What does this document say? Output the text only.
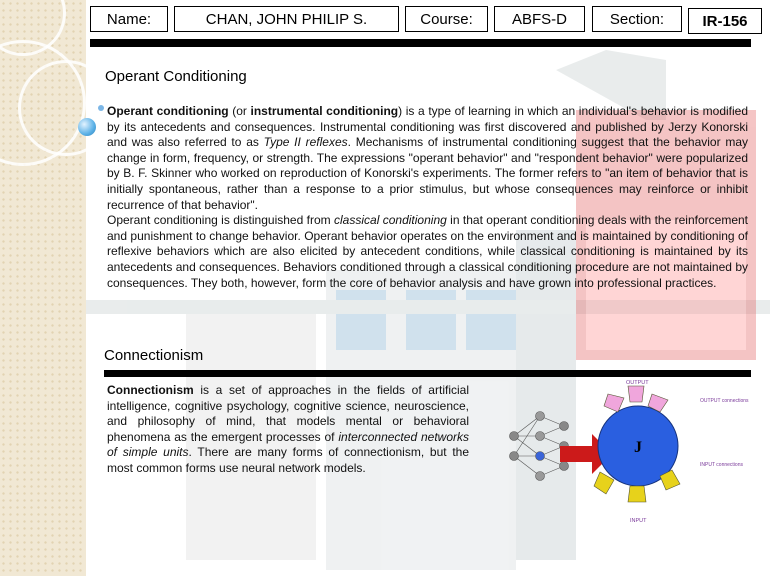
Name:	CHAN, JOHN PHILIP S.	Course:	ABFS-D	Section:	IR-156
Operant Conditioning

Operant conditioning (or instrumental conditioning) is a type of learning in which an individual's behavior is modified by its antecedents and consequences. Instrumental conditioning was first discovered and published by Jerzy Konorski and was also referred to as Type II reflexes. Mechanisms of instrumental conditioning suggest that the behavior may change in form, frequency, or strength. The expressions "operant behavior" and "respondent behavior" were popularized by B. F. Skinner who worked on reproduction of Konorski's experiments. The former refers to "an item of behavior that is initially spontaneous, rather than a response to a prior stimulus, but whose consequences may reinforce or inhibit recurrence of that behavior".

Operant conditioning is distinguished from classical conditioning in that operant conditioning deals with the reinforcement and punishment to change behavior. Operant behavior operates on the environment and is maintained by conditioning of reflexive behaviors which are also elicited by antecedent conditions, while classical conditioning is maintained by its antecedents and consequences. Behaviors conditioned through a classical conditioning procedure are not maintained by consequences. They both, however, form the core of behavior analysis and have grown into professional practices.

Connectionism

Connectionism is a set of approaches in the fields of artificial intelligence, cognitive psychology, cognitive science, neuroscience, and philosophy of mind, that models mental or behavioral phenomena as the emergent processes of interconnected networks of simple units. There are many forms of connectionism, but the most common forms use neural network models.

J
OUTPUT
OUTPUT connections
INPUT connections
INPUT
